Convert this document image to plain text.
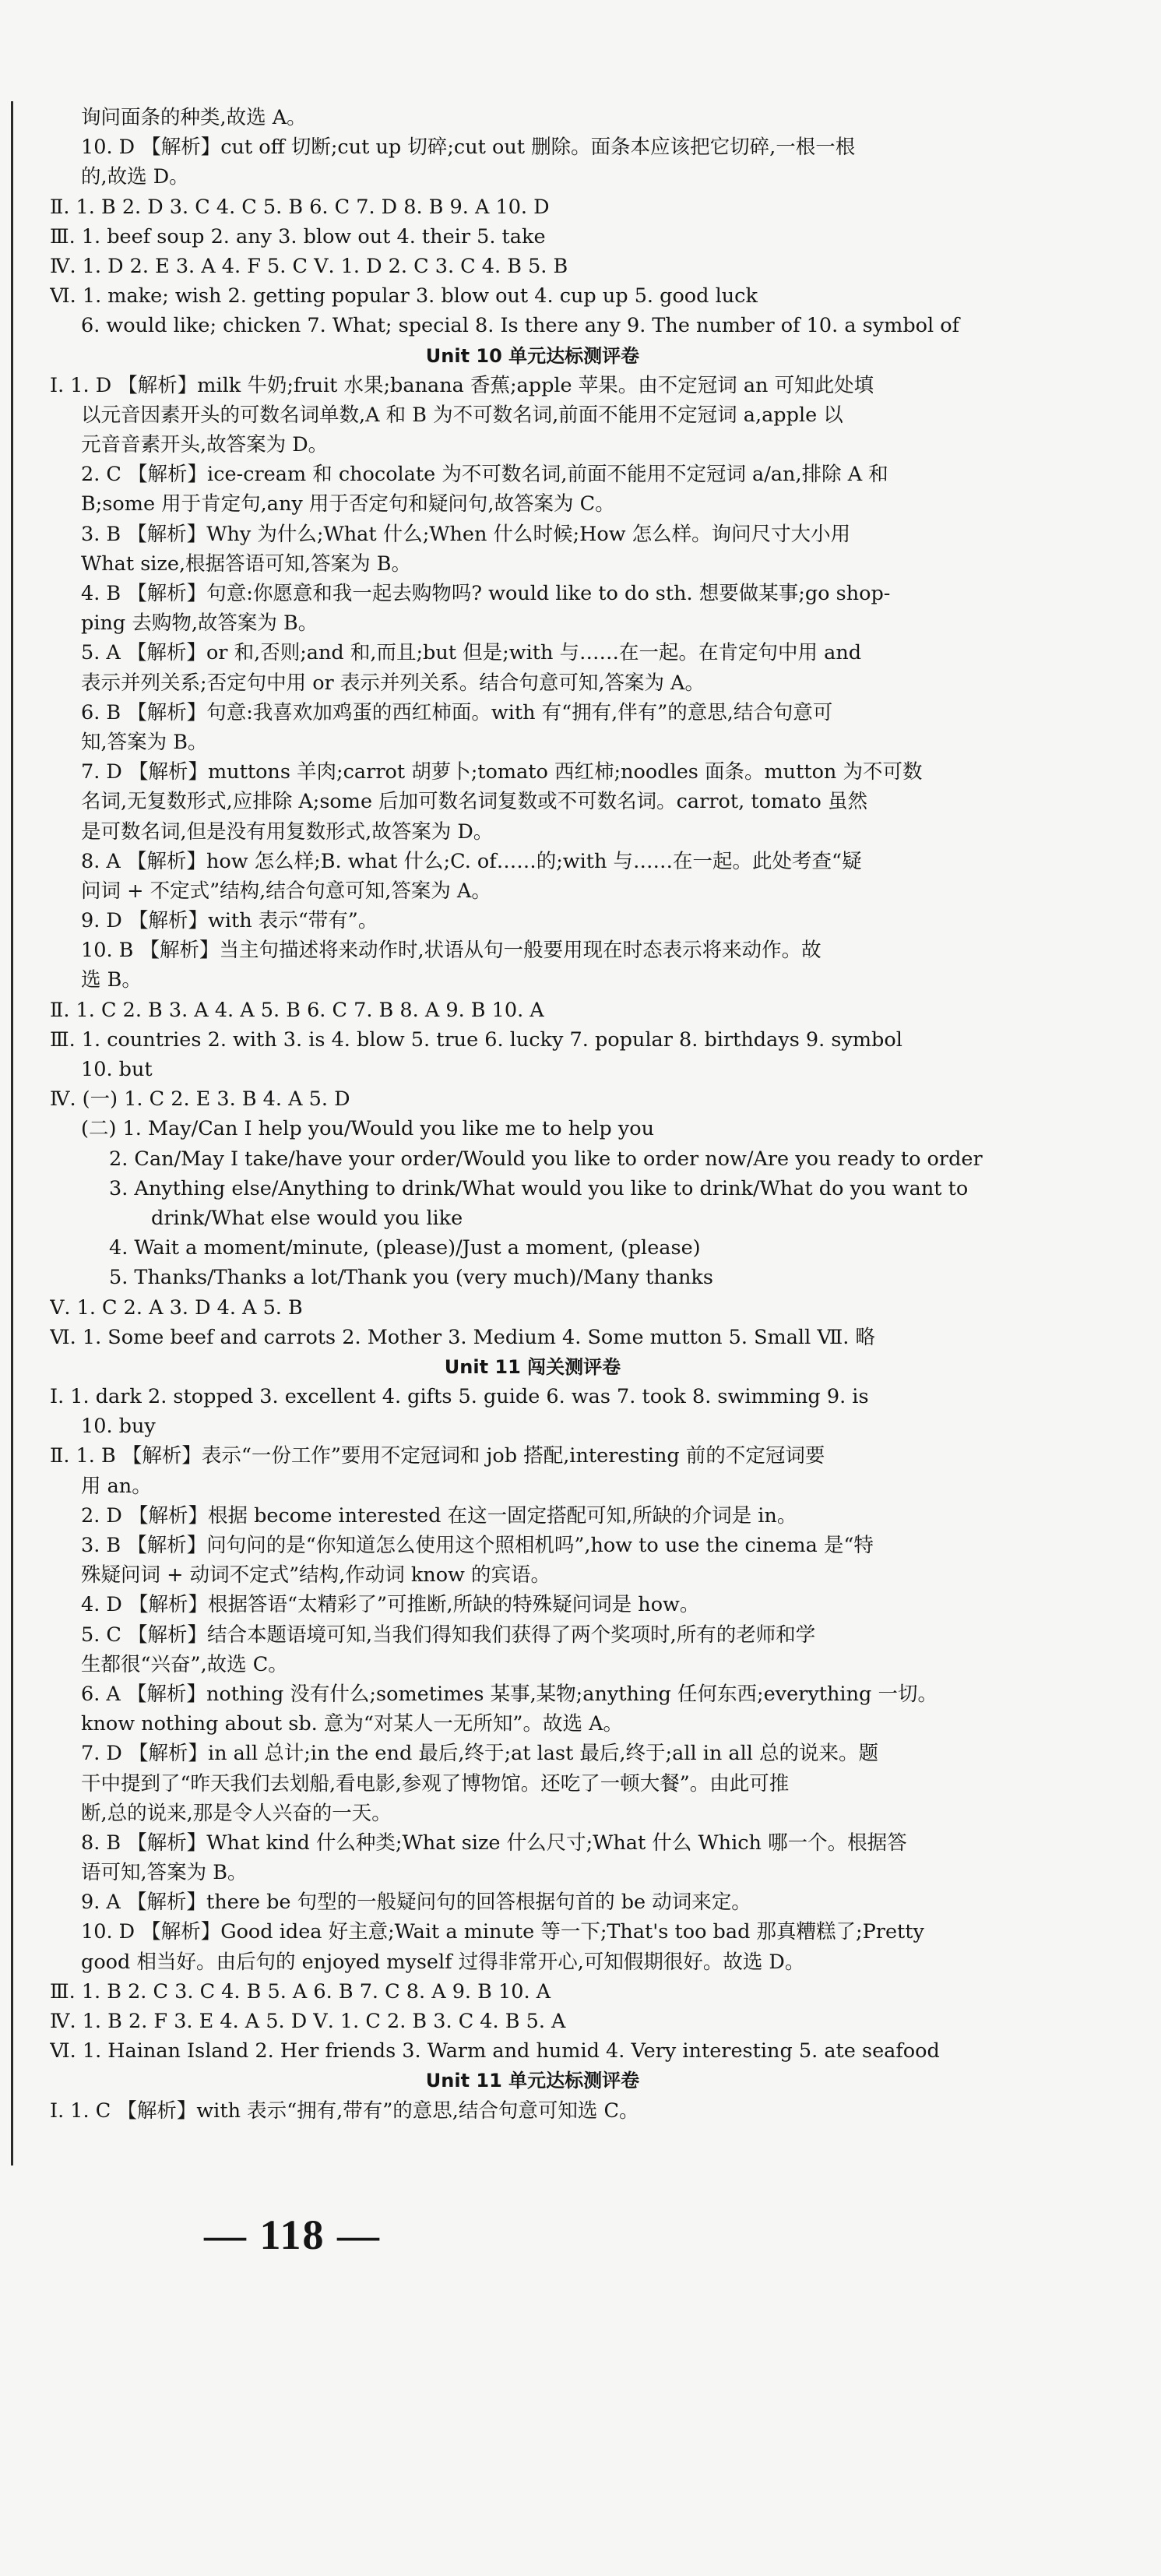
询问面条的种类,故选 A。
10. D 【解析】cut off 切断;cut up 切碎;cut out 删除。面条本应该把它切碎,一根一根
的,故选 D。
Ⅱ. 1. B 2. D 3. C 4. C 5. B 6. C 7. D 8. B 9. A 10. D
Ⅲ. 1. beef soup 2. any 3. blow out 4. their 5. take
Ⅳ. 1. D 2. E 3. A 4. F 5. C Ⅴ. 1. D 2. C 3. C 4. B 5. B
Ⅵ. 1. make; wish 2. getting popular 3. blow out 4. cup up 5. good luck
6. would like; chicken 7. What; special 8. Is there any 9. The number of 10. a symbol of
Unit 10 单元达标测评卷
Ⅰ. 1. D 【解析】milk 牛奶;fruit 水果;banana 香蕉;apple 苹果。由不定冠词 an 可知此处填
以元音因素开头的可数名词单数,A 和 B 为不可数名词,前面不能用不定冠词 a,apple 以
元音音素开头,故答案为 D。
2. C 【解析】ice-cream 和 chocolate 为不可数名词,前面不能用不定冠词 a/an,排除 A 和
B;some 用于肯定句,any 用于否定句和疑问句,故答案为 C。
3. B 【解析】Why 为什么;What 什么;When 什么时候;How 怎么样。询问尺寸大小用
What size,根据答语可知,答案为 B。
4. B 【解析】句意:你愿意和我一起去购物吗? would like to do sth. 想要做某事;go shop-
ping 去购物,故答案为 B。
5. A 【解析】or 和,否则;and 和,而且;but 但是;with 与……在一起。在肯定句中用 and
表示并列关系;否定句中用 or 表示并列关系。结合句意可知,答案为 A。
6. B 【解析】句意:我喜欢加鸡蛋的西红柿面。with 有“拥有,伴有”的意思,结合句意可
知,答案为 B。
7. D 【解析】muttons 羊肉;carrot 胡萝卜;tomato 西红柿;noodles 面条。mutton 为不可数
名词,无复数形式,应排除 A;some 后加可数名词复数或不可数名词。carrot, tomato 虽然
是可数名词,但是没有用复数形式,故答案为 D。
8. A 【解析】how 怎么样;B. what 什么;C. of……的;with 与……在一起。此处考查“疑
问词 + 不定式”结构,结合句意可知,答案为 A。
9. D 【解析】with 表示“带有”。
10. B 【解析】当主句描述将来动作时,状语从句一般要用现在时态表示将来动作。故
选 B。
Ⅱ. 1. C 2. B 3. A 4. A 5. B 6. C 7. B 8. A 9. B 10. A
Ⅲ. 1. countries 2. with 3. is 4. blow 5. true 6. lucky 7. popular 8. birthdays 9. symbol
10. but
Ⅳ. (一) 1. C 2. E 3. B 4. A 5. D
(二) 1. May/Can I help you/Would you like me to help you
2. Can/May I take/have your order/Would you like to order now/Are you ready to order
3. Anything else/Anything to drink/What would you like to drink/What do you want to
drink/What else would you like
4. Wait a moment/minute, (please)/Just a moment, (please)
5. Thanks/Thanks a lot/Thank you (very much)/Many thanks
Ⅴ. 1. C 2. A 3. D 4. A 5. B
Ⅵ. 1. Some beef and carrots 2. Mother 3. Medium 4. Some mutton 5. Small Ⅶ. 略
Unit 11 闯关测评卷
Ⅰ. 1. dark 2. stopped 3. excellent 4. gifts 5. guide 6. was 7. took 8. swimming 9. is
10. buy
Ⅱ. 1. B 【解析】表示“一份工作”要用不定冠词和 job 搭配,interesting 前的不定冠词要
用 an。
2. D 【解析】根据 become interested 在这一固定搭配可知,所缺的介词是 in。
3. B 【解析】问句问的是“你知道怎么使用这个照相机吗”,how to use the cinema 是“特
殊疑问词 + 动词不定式”结构,作动词 know 的宾语。
4. D 【解析】根据答语“太精彩了”可推断,所缺的特殊疑问词是 how。
5. C 【解析】结合本题语境可知,当我们得知我们获得了两个奖项时,所有的老师和学
生都很“兴奋”,故选 C。
6. A 【解析】nothing 没有什么;sometimes 某事,某物;anything 任何东西;everything 一切。
know nothing about sb. 意为“对某人一无所知”。故选 A。
7. D 【解析】in all 总计;in the end 最后,终于;at last 最后,终于;all in all 总的说来。题
干中提到了“昨天我们去划船,看电影,参观了博物馆。还吃了一顿大餐”。由此可推
断,总的说来,那是令人兴奋的一天。
8. B 【解析】What kind 什么种类;What size 什么尺寸;What 什么 Which 哪一个。根据答
语可知,答案为 B。
9. A 【解析】there be 句型的一般疑问句的回答根据句首的 be 动词来定。
10. D 【解析】Good idea 好主意;Wait a minute 等一下;That's too bad 那真糟糕了;Pretty
good 相当好。由后句的 enjoyed myself 过得非常开心,可知假期很好。故选 D。
Ⅲ. 1. B 2. C 3. C 4. B 5. A 6. B 7. C 8. A 9. B 10. A
Ⅳ. 1. B 2. F 3. E 4. A 5. D Ⅴ. 1. C 2. B 3. C 4. B 5. A
Ⅵ. 1. Hainan Island 2. Her friends 3. Warm and humid 4. Very interesting 5. ate seafood
Unit 11 单元达标测评卷
Ⅰ. 1. C 【解析】with 表示“拥有,带有”的意思,结合句意可知选 C。
— 118 —
